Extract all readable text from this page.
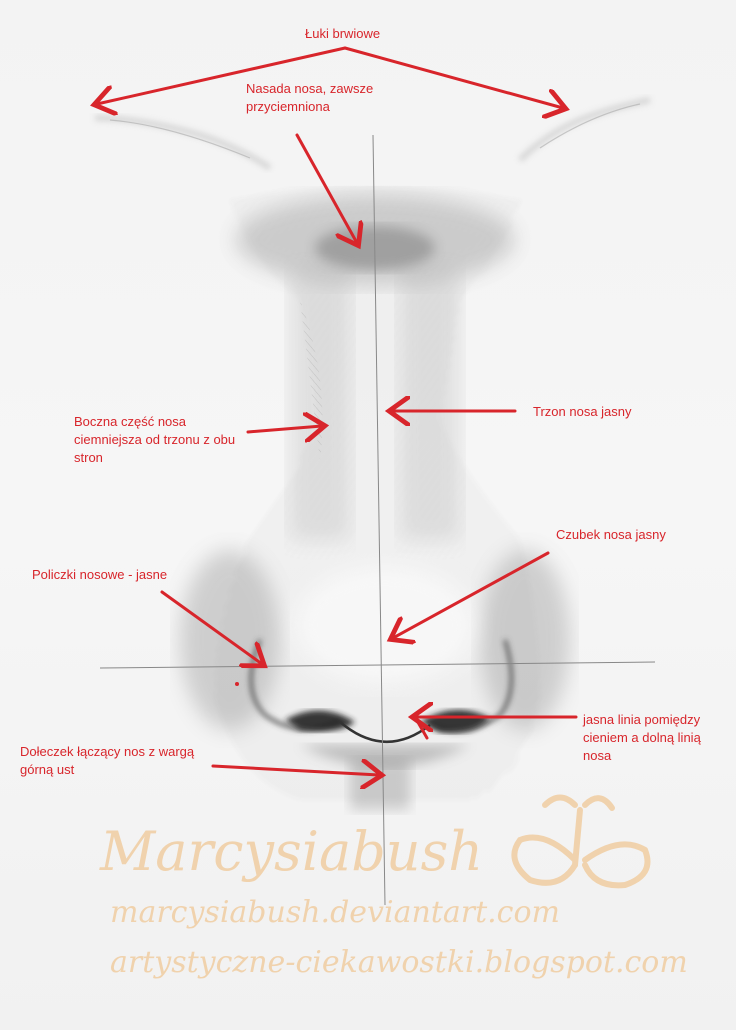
Łuki brwiowe
Nasada nosa, zawsze przyciemniona
Boczna część nosa ciemniejsza od trzonu z obu stron
Trzon nosa jasny
Czubek nosa jasny
Policzki nosowe - jasne
jasna linia pomiędzy cieniem a dolną linią nosa
Dołeczek łączący nos z wargą górną ust
Marcysiabush
marcysiabush.deviantart.com
artystyczne-ciekawostki.blogspot.com
